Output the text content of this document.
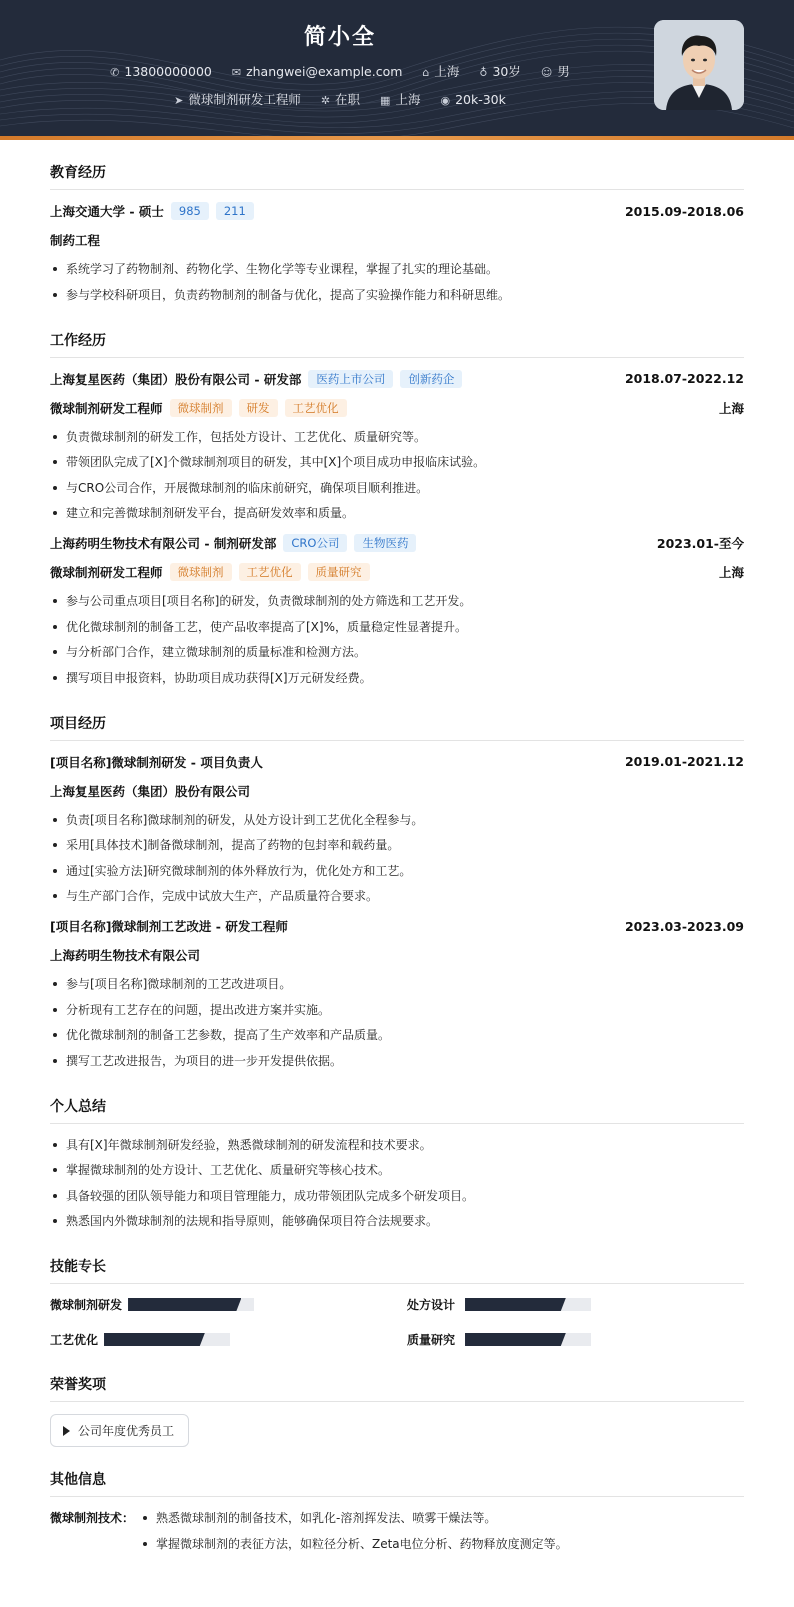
简小全
✆ 13800000000 ✉ zhangwei@example.com ⌂ 上海 ♁ 30岁 ☺ 男
➤ 微球制剂研发工程师 ✲ 在职 ▦ 上海 ◉ 20k-30k
教育经历
上海交通大学 - 硕士	985	211	2015.09-2018.06
制药工程
系统学习了药物制剂、药物化学、生物化学等专业课程，掌握了扎实的理论基础。
参与学校科研项目，负责药物制剂的制备与优化，提高了实验操作能力和科研思维。
工作经历
上海复星医药（集团）股份有限公司 - 研发部	医药上市公司	创新药企	2018.07-2022.12
微球制剂研发工程师	微球制剂	研发	工艺优化	上海
负责微球制剂的研发工作，包括处方设计、工艺优化、质量研究等。
带领团队完成了[X]个微球制剂项目的研发，其中[X]个项目成功申报临床试验。
与CRO公司合作，开展微球制剂的临床前研究，确保项目顺利推进。
建立和完善微球制剂研发平台，提高研发效率和质量。
上海药明生物技术有限公司 - 制剂研发部	CRO公司	生物医药	2023.01-至今
微球制剂研发工程师	微球制剂	工艺优化	质量研究	上海
参与公司重点项目[项目名称]的研发，负责微球制剂的处方筛选和工艺开发。
优化微球制剂的制备工艺，使产品收率提高了[X]%，质量稳定性显著提升。
与分析部门合作，建立微球制剂的质量标准和检测方法。
撰写项目申报资料，协助项目成功获得[X]万元研发经费。
项目经历
[项目名称]微球制剂研发 - 项目负责人	2019.01-2021.12
上海复星医药（集团）股份有限公司
负责[项目名称]微球制剂的研发，从处方设计到工艺优化全程参与。
采用[具体技术]制备微球制剂，提高了药物的包封率和载药量。
通过[实验方法]研究微球制剂的体外释放行为，优化处方和工艺。
与生产部门合作，完成中试放大生产，产品质量符合要求。
[项目名称]微球制剂工艺改进 - 研发工程师	2023.03-2023.09
上海药明生物技术有限公司
参与[项目名称]微球制剂的工艺改进项目。
分析现有工艺存在的问题，提出改进方案并实施。
优化微球制剂的制备工艺参数，提高了生产效率和产品质量。
撰写工艺改进报告，为项目的进一步开发提供依据。
个人总结
具有[X]年微球制剂研发经验，熟悉微球制剂的研发流程和技术要求。
掌握微球制剂的处方设计、工艺优化、质量研究等核心技术。
具备较强的团队领导能力和项目管理能力，成功带领团队完成多个研发项目。
熟悉国内外微球制剂的法规和指导原则，能够确保项目符合法规要求。
技能专长
微球制剂研发	处方设计
工艺优化	质量研究
荣誉奖项
公司年度优秀员工
其他信息
微球制剂技术：	熟悉微球制剂的制备技术，如乳化-溶剂挥发法、喷雾干燥法等。
掌握微球制剂的表征方法，如粒径分析、Zeta电位分析、药物释放度测定等。
